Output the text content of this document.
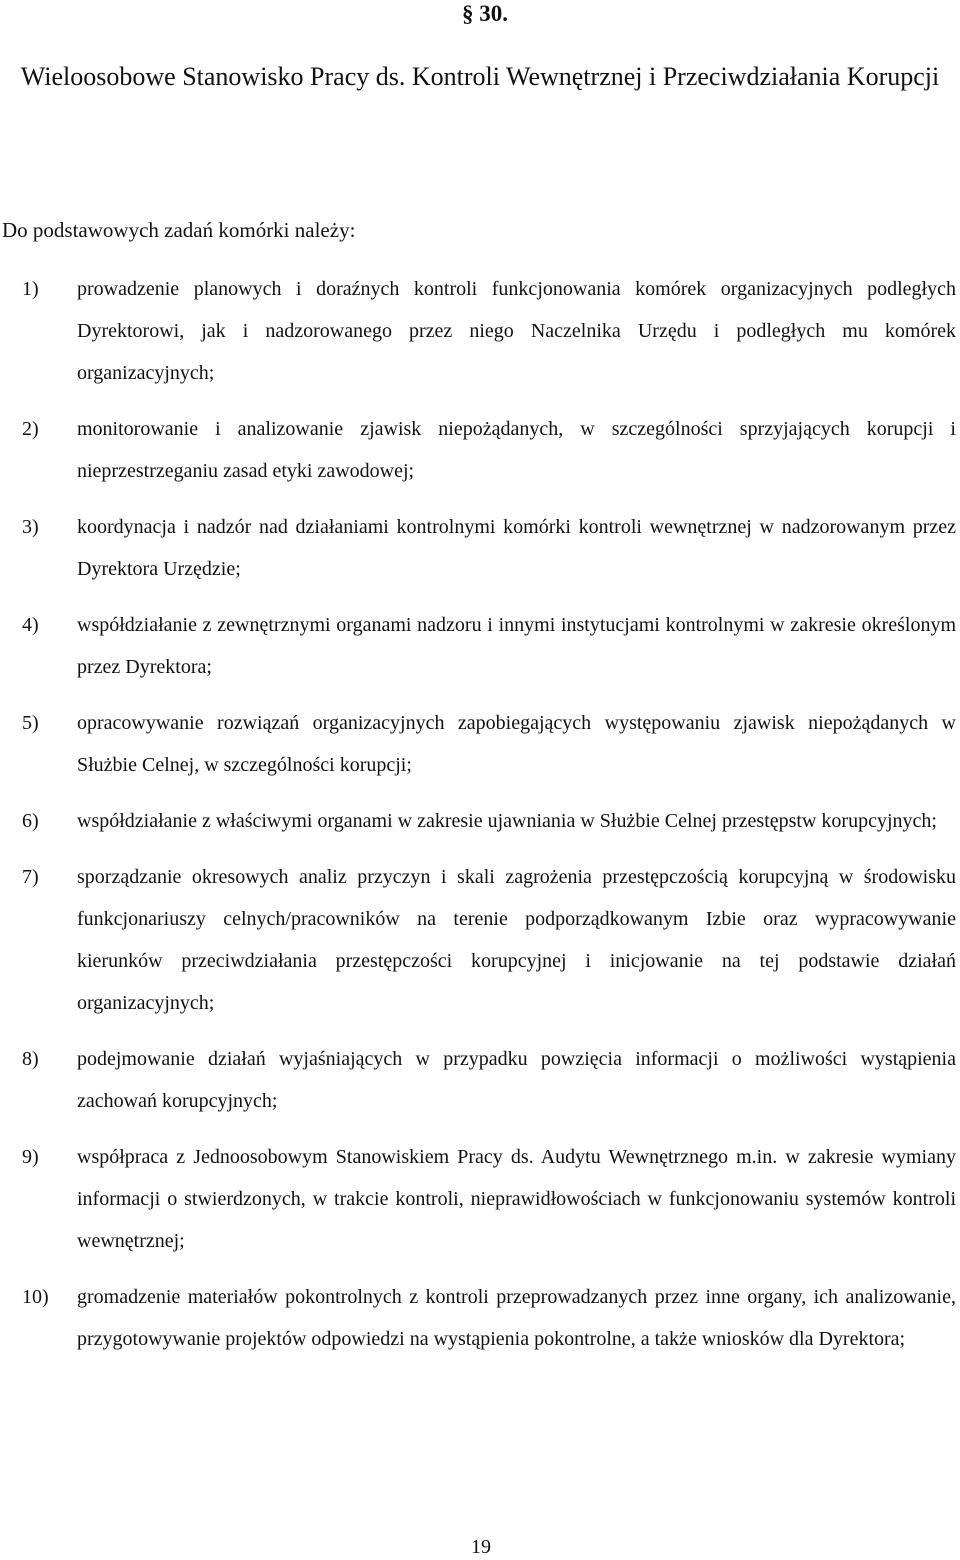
§ 30.
Wieloosobowe Stanowisko Pracy ds. Kontroli Wewnętrznej i Przeciwdziałania Korupcji
Do podstawowych zadań komórki należy:
1)	prowadzenie planowych i doraźnych kontroli funkcjonowania komórek organizacyjnych podległych Dyrektorowi, jak i nadzorowanego przez niego Naczelnika Urzędu i podległych mu komórek organizacyjnych;
2)	monitorowanie i analizowanie zjawisk niepożądanych, w szczególności sprzyjających korupcji i nieprzestrzeganiu zasad etyki zawodowej;
3)	koordynacja i nadzór nad działaniami kontrolnymi komórki kontroli wewnętrznej w nadzorowanym przez Dyrektora Urzędzie;
4)	współdziałanie z zewnętrznymi organami nadzoru i innymi instytucjami kontrolnymi w zakresie określonym przez Dyrektora;
5)	opracowywanie rozwiązań organizacyjnych zapobiegających występowaniu zjawisk niepożądanych w Służbie Celnej, w szczególności korupcji;
6)	współdziałanie z właściwymi organami w zakresie ujawniania w Służbie Celnej przestępstw korupcyjnych;
7)	sporządzanie okresowych analiz przyczyn i skali zagrożenia przestępczością korupcyjną w środowisku funkcjonariuszy celnych/pracowników na terenie podporządkowanym Izbie oraz wypracowywanie kierunków przeciwdziałania przestępczości korupcyjnej i inicjowanie na tej podstawie działań organizacyjnych;
8)	podejmowanie działań wyjaśniających w przypadku powzięcia informacji o możliwości wystąpienia zachowań korupcyjnych;
9)	współpraca z Jednoosobowym Stanowiskiem Pracy ds. Audytu Wewnętrznego m.in. w zakresie wymiany informacji o stwierdzonych, w trakcie kontroli, nieprawidłowościach w funkcjonowaniu systemów kontroli wewnętrznej;
10)	gromadzenie materiałów pokontrolnych z kontroli przeprowadzanych przez inne organy, ich analizowanie, przygotowywanie projektów odpowiedzi na wystąpienia pokontrolne, a także wniosków dla Dyrektora;
19
